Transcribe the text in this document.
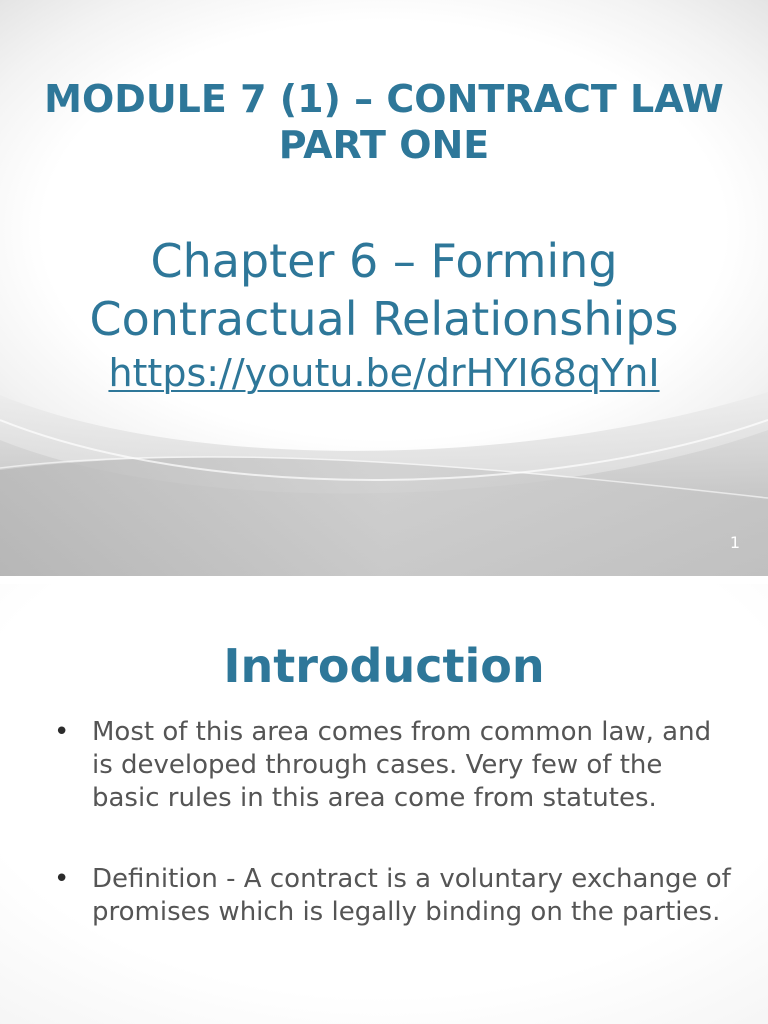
MODULE 7 (1) – CONTRACT LAW PART ONE

Chapter 6 – Forming Contractual Relationships

https://youtu.be/drHYI68qYnI
1
Introduction
• Most of this area comes from common law, and is developed through cases. Very few of the basic rules in this area come from statutes.
• Definition - A contract is a voluntary exchange of promises which is legally binding on the parties.
